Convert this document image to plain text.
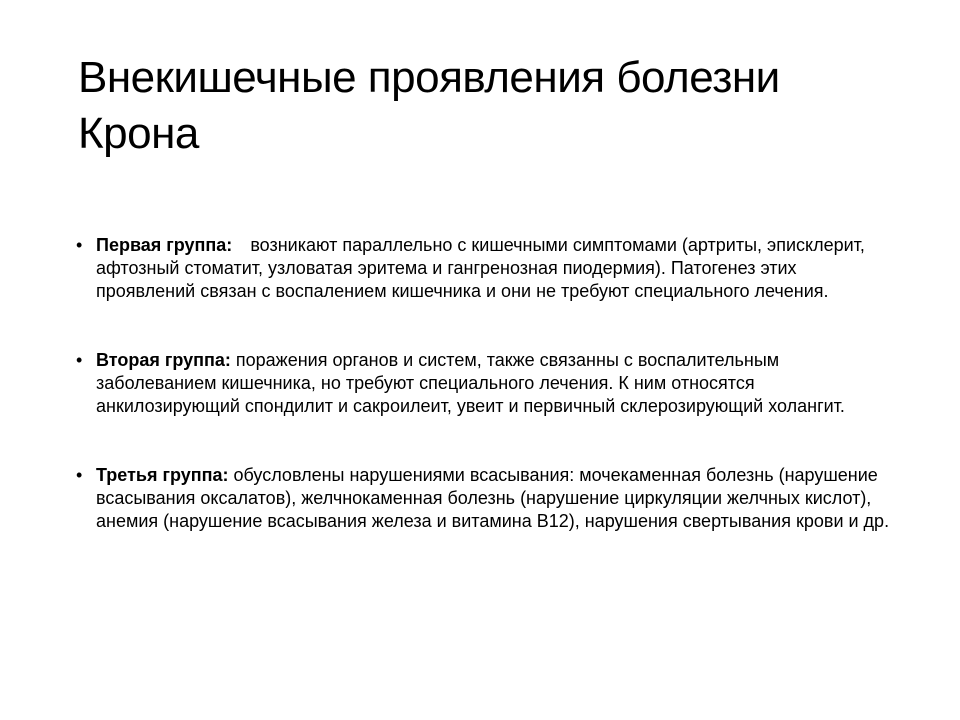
Внекишечные проявления болезни Крона
• Первая группа: возникают параллельно с кишечными симптомами (артриты, эписклерит, афтозный стоматит, узловатая эритема и гангренозная пиодермия). Патогенез этих проявлений связан с воспалением кишечника и они не требуют специального лечения.
• Вторая группа: поражения органов и систем, также связанны с воспалительным заболеванием кишечника, но требуют специального лечения. К ним относятся анкилозирующий спондилит и сакроилеит, увеит и первичный склерозирующий холангит.
• Третья группа: обусловлены нарушениями всасывания: мочекаменная болезнь (нарушение всасывания оксалатов), желчнокаменная болезнь (нарушение циркуляции желчных кислот), анемия (нарушение всасывания железа и витамина B12), нарушения свертывания крови и др.
